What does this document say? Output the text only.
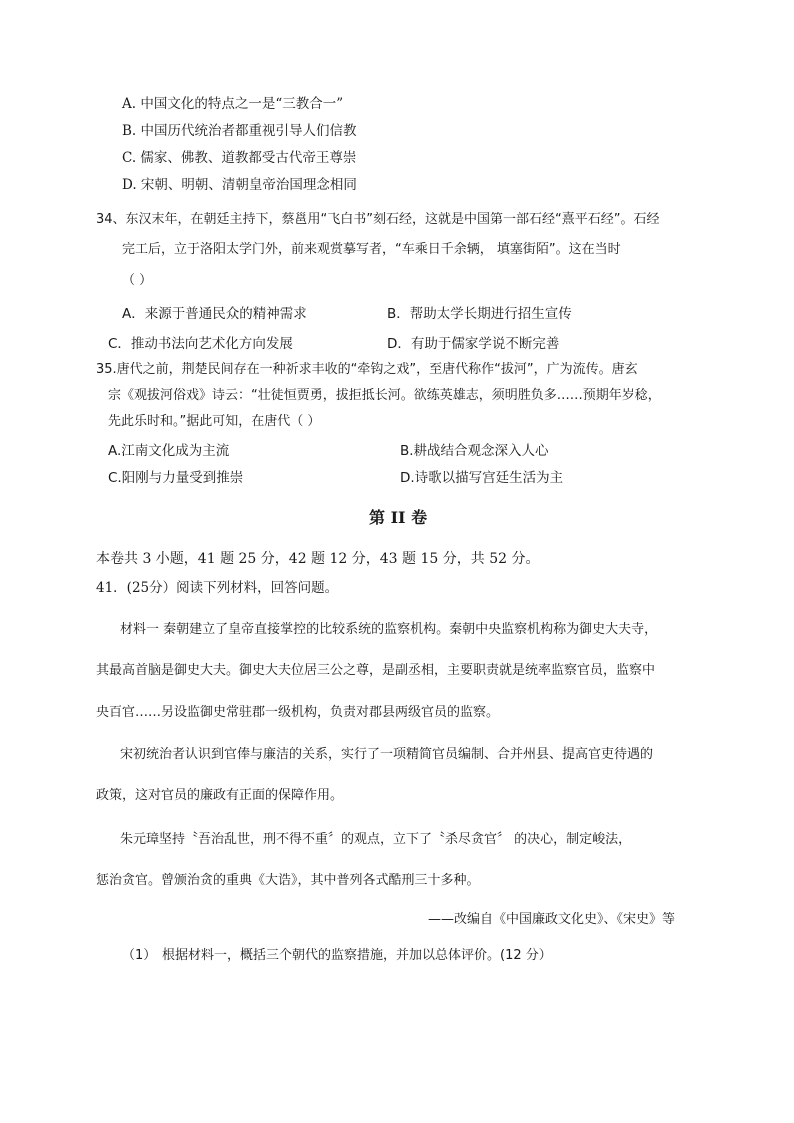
A. 中国文化的特点之一是“三教合一”
B. 中国历代统治者都重视引导人们信教
C. 儒家、佛教、道教都受古代帝王尊崇
D. 宋朝、明朝、清朝皇帝治国理念相同
34、东汉末年，在朝廷主持下，蔡邕用“飞白书”刻石经，这就是中国第一部石经“熹平石经”。石经
完工后，立于洛阳太学门外，前来观赏摹写者，“车乘日千余辆， 填塞街陌”。这在当时
（ ）
A．来源于普通民众的精神需求	B．帮助太学长期进行招生宣传
C．推动书法向艺术化方向发展	D．有助于儒家学说不断完善
35.唐代之前，荆楚民间存在一种祈求丰收的“牵钩之戏”，至唐代称作“拔河”，广为流传。唐玄
宗《观拔河俗戏》诗云：“壮徒恒贾勇，拔拒抵长河。欲练英雄志，须明胜负多……预期年岁稔，
先此乐时和。”据此可知，在唐代（ ）
A.江南文化成为主流	B.耕战结合观念深入人心
C.阳刚与力量受到推崇	D.诗歌以描写宫廷生活为主
第 II 卷
本卷共 3 小题，41 题 25 分，42 题 12 分，43 题 15 分，共 52 分。
41．(25分）阅读下列材料，回答问题。
材料一 秦朝建立了皇帝直接掌控的比较系统的监察机构。秦朝中央监察机构称为御史大夫寺，
其最高首脑是御史大夫。御史大夫位居三公之尊，是副丞相，主要职责就是统率监察官员，监察中
央百官……另设监御史常驻郡一级机构，负责对郡县两级官员的监察。
宋初统治者认识到官俸与廉洁的关系，实行了一项精简官员编制、合并州县、提高官吏待遇的
政策，这对官员的廉政有正面的保障作用。
朱元璋坚持〝吾治乱世，刑不得不重〞的观点，立下了〝杀尽贪官〞 的决心，制定峻法，
惩治贪官。曾颁治贪的重典《大诰》，其中普列各式酷刑三十多种。
——改编自《中国廉政文化史》、《宋史》等
（1） 根据材料一，概括三个朝代的监察措施，并加以总体评价。(12 分）
